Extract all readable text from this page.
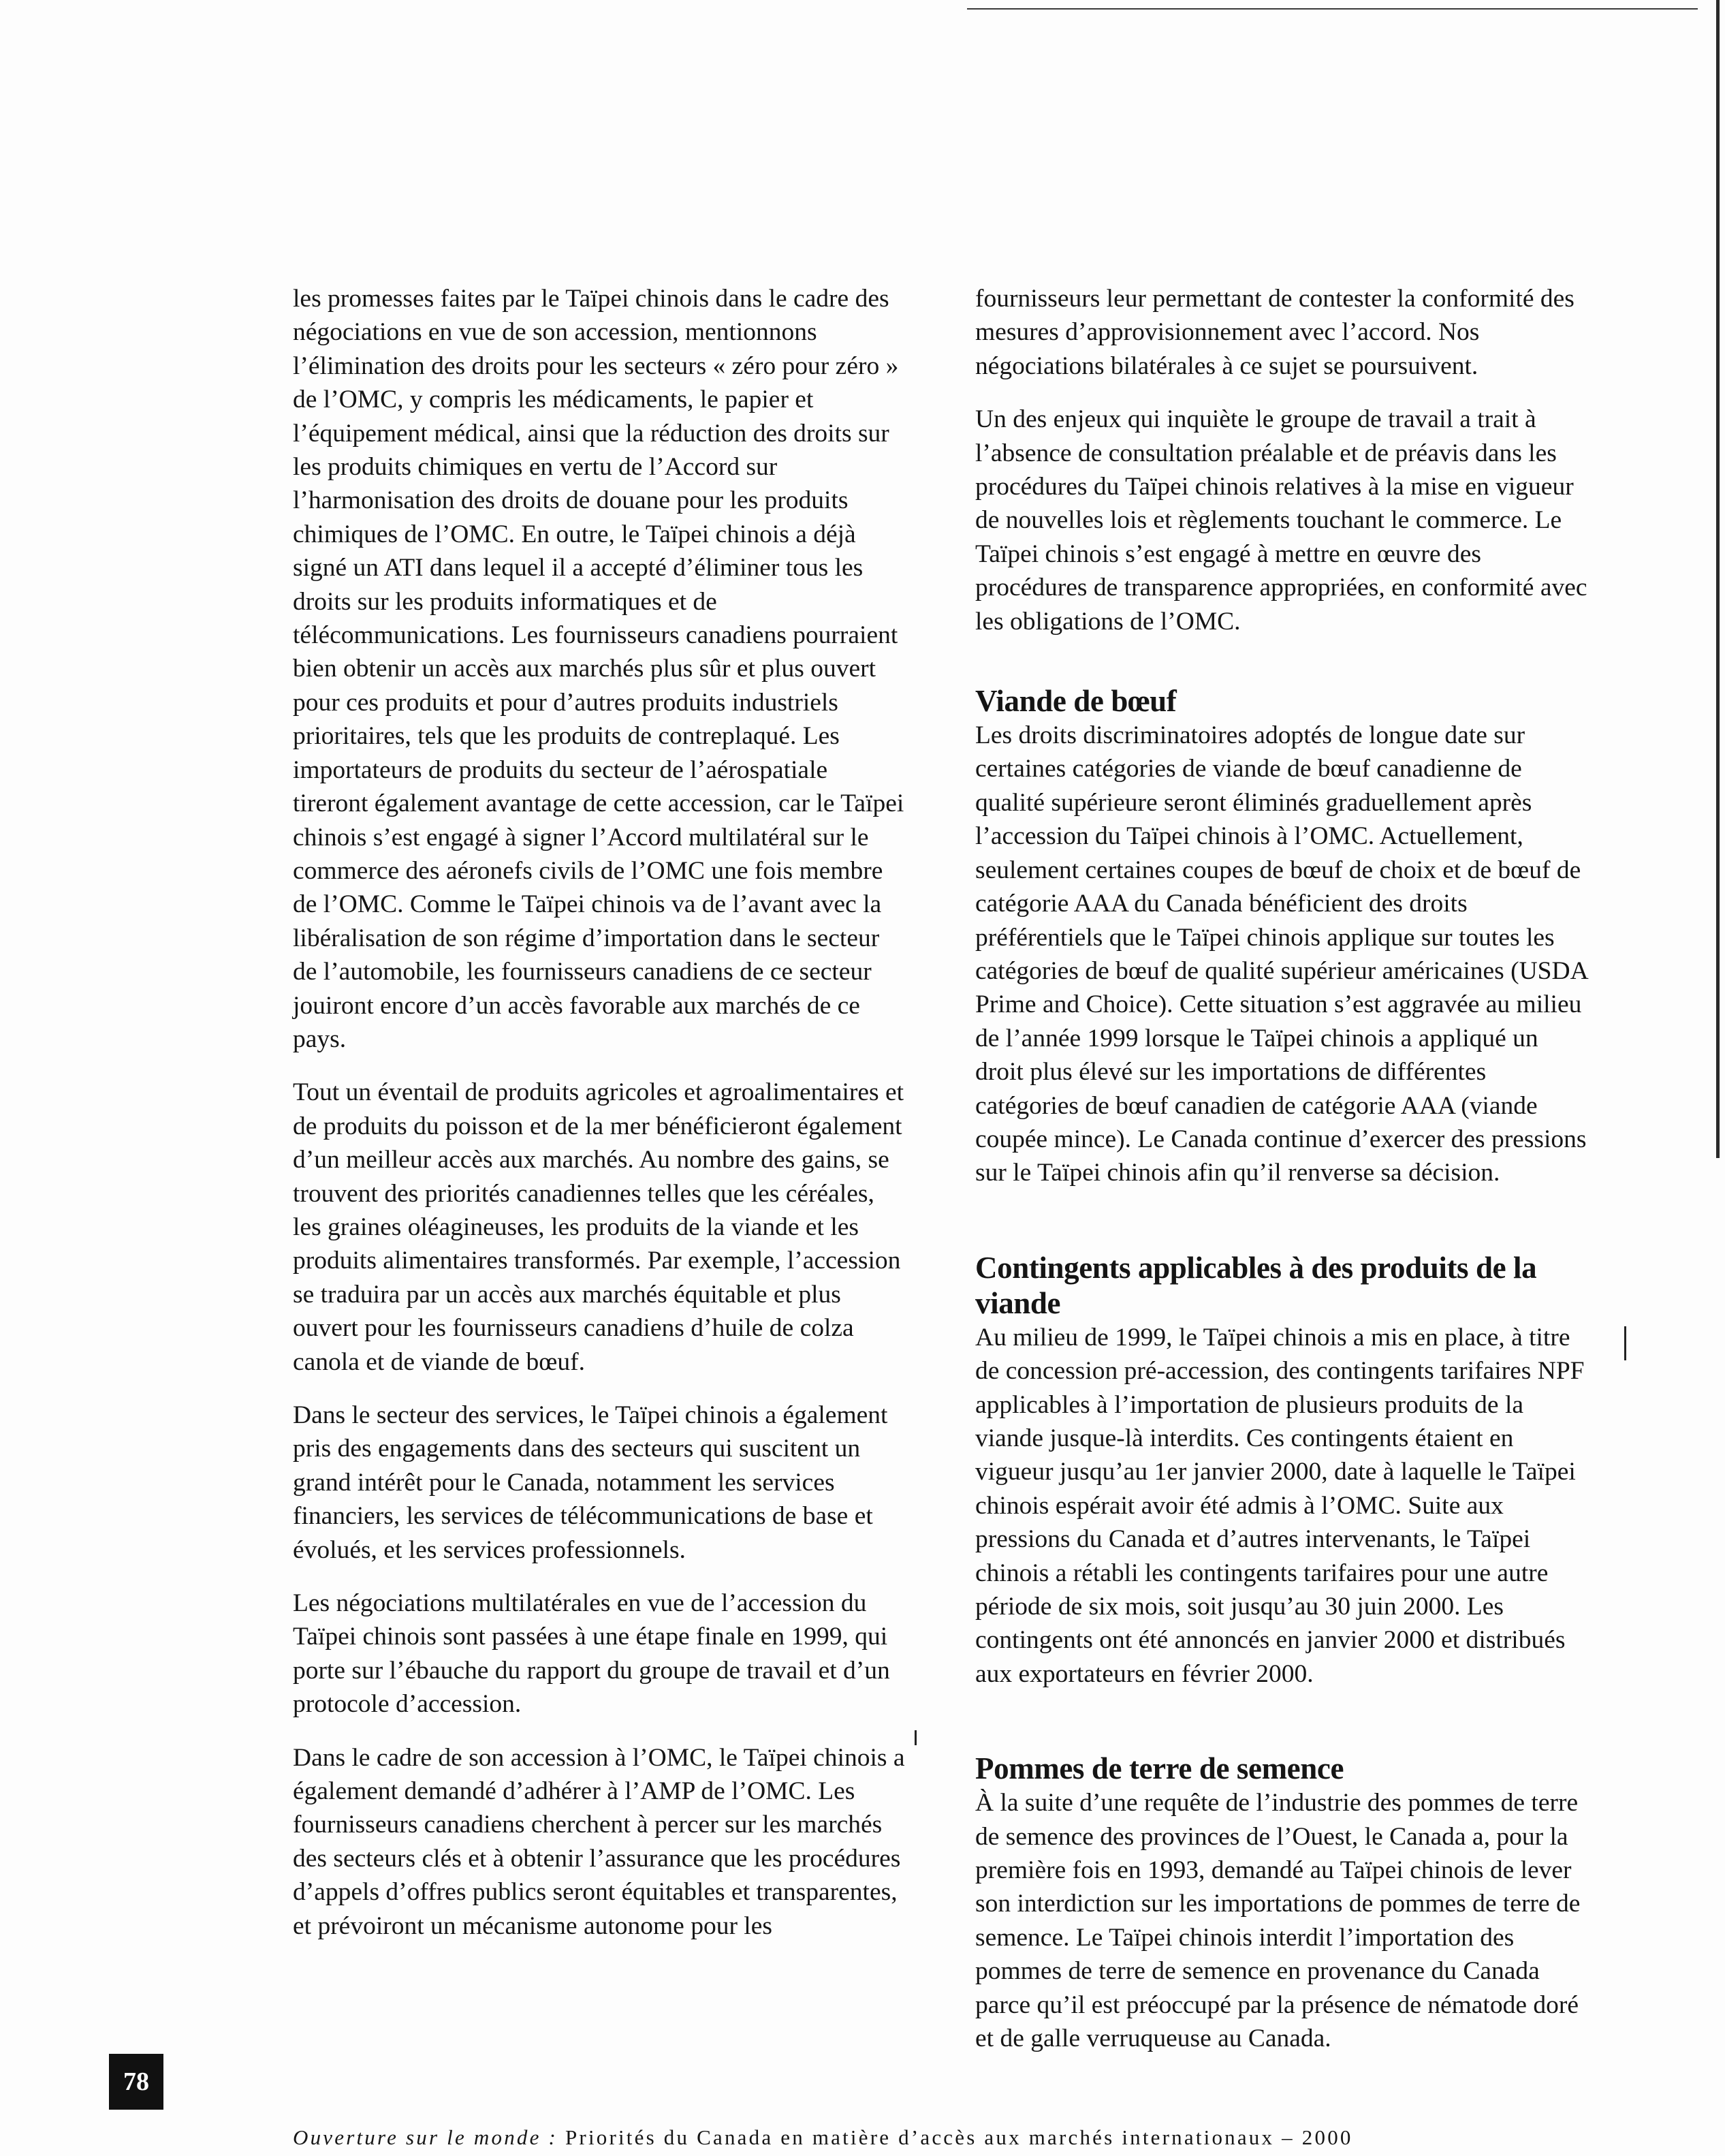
les promesses faites par le Taïpei chinois dans le cadre des négociations en vue de son accession, mentionnons l’élimination des droits pour les secteurs « zéro pour zéro » de l’OMC, y compris les médicaments, le papier et l’équipement médical, ainsi que la réduction des droits sur les produits chimiques en vertu de l’Accord sur l’harmonisation des droits de douane pour les produits chimiques de l’OMC. En outre, le Taïpei chinois a déjà signé un ATI dans lequel il a accepté d’éliminer tous les droits sur les produits informatiques et de télécommunications. Les fournisseurs canadiens pourraient bien obtenir un accès aux marchés plus sûr et plus ouvert pour ces produits et pour d’autres produits industriels prioritaires, tels que les produits de contreplaqué. Les importateurs de produits du secteur de l’aérospatiale tireront également avantage de cette accession, car le Taïpei chinois s’est engagé à signer l’Accord multilatéral sur le commerce des aéronefs civils de l’OMC une fois membre de l’OMC. Comme le Taïpei chinois va de l’avant avec la libéralisation de son régime d’importation dans le secteur de l’automobile, les fournisseurs canadiens de ce secteur jouiront encore d’un accès favorable aux marchés de ce pays.

Tout un éventail de produits agricoles et agroalimentaires et de produits du poisson et de la mer bénéficieront également d’un meilleur accès aux marchés. Au nombre des gains, se trouvent des priorités canadiennes telles que les céréales, les graines oléagineuses, les produits de la viande et les produits alimentaires transformés. Par exemple, l’accession se traduira par un accès aux marchés équitable et plus ouvert pour les fournisseurs canadiens d’huile de colza canola et de viande de bœuf.

Dans le secteur des services, le Taïpei chinois a également pris des engagements dans des secteurs qui suscitent un grand intérêt pour le Canada, notamment les services financiers, les services de télécommunications de base et évolués, et les services professionnels.

Les négociations multilatérales en vue de l’accession du Taïpei chinois sont passées à une étape finale en 1999, qui porte sur l’ébauche du rapport du groupe de travail et d’un protocole d’accession.

Dans le cadre de son accession à l’OMC, le Taïpei chinois a également demandé d’adhérer à l’AMP de l’OMC. Les fournisseurs canadiens cherchent à percer sur les marchés des secteurs clés et à obtenir l’assurance que les procédures d’appels d’offres publics seront équitables et transparentes, et prévoiront un mécanisme autonome pour les

fournisseurs leur permettant de contester la conformité des mesures d’approvisionnement avec l’accord. Nos négociations bilatérales à ce sujet se poursuivent.

Un des enjeux qui inquiète le groupe de travail a trait à l’absence de consultation préalable et de préavis dans les procédures du Taïpei chinois relatives à la mise en vigueur de nouvelles lois et règlements touchant le commerce. Le Taïpei chinois s’est engagé à mettre en œuvre des procédures de transparence appropriées, en conformité avec les obligations de l’OMC.

Viande de bœuf

Les droits discriminatoires adoptés de longue date sur certaines catégories de viande de bœuf canadienne de qualité supérieure seront éliminés graduellement après l’accession du Taïpei chinois à l’OMC. Actuellement, seulement certaines coupes de bœuf de choix et de bœuf de catégorie AAA du Canada bénéficient des droits préférentiels que le Taïpei chinois applique sur toutes les catégories de bœuf de qualité supérieur américaines (USDA Prime and Choice). Cette situation s’est aggravée au milieu de l’année 1999 lorsque le Taïpei chinois a appliqué un droit plus élevé sur les importations de différentes catégories de bœuf canadien de catégorie AAA (viande coupée mince). Le Canada continue d’exercer des pressions sur le Taïpei chinois afin qu’il renverse sa décision.

Contingents applicables à des produits de la viande

Au milieu de 1999, le Taïpei chinois a mis en place, à titre de concession pré-accession, des contingents tarifaires NPF applicables à l’importation de plusieurs produits de la viande jusque-là interdits. Ces contingents étaient en vigueur jusqu’au 1er janvier 2000, date à laquelle le Taïpei chinois espérait avoir été admis à l’OMC. Suite aux pressions du Canada et d’autres intervenants, le Taïpei chinois a rétabli les contingents tarifaires pour une autre période de six mois, soit jusqu’au 30 juin 2000. Les contingents ont été annoncés en janvier 2000 et distribués aux exportateurs en février 2000.

Pommes de terre de semence

À la suite d’une requête de l’industrie des pommes de terre de semence des provinces de l’Ouest, le Canada a, pour la première fois en 1993, demandé au Taïpei chinois de lever son interdiction sur les importations de pommes de terre de semence. Le Taïpei chinois interdit l’importation des pommes de terre de semence en provenance du Canada parce qu’il est préoccupé par la présence de nématode doré et de galle verruqueuse au Canada.

78
Ouverture sur le monde : Priorités du Canada en matière d’accès aux marchés internationaux – 2000
